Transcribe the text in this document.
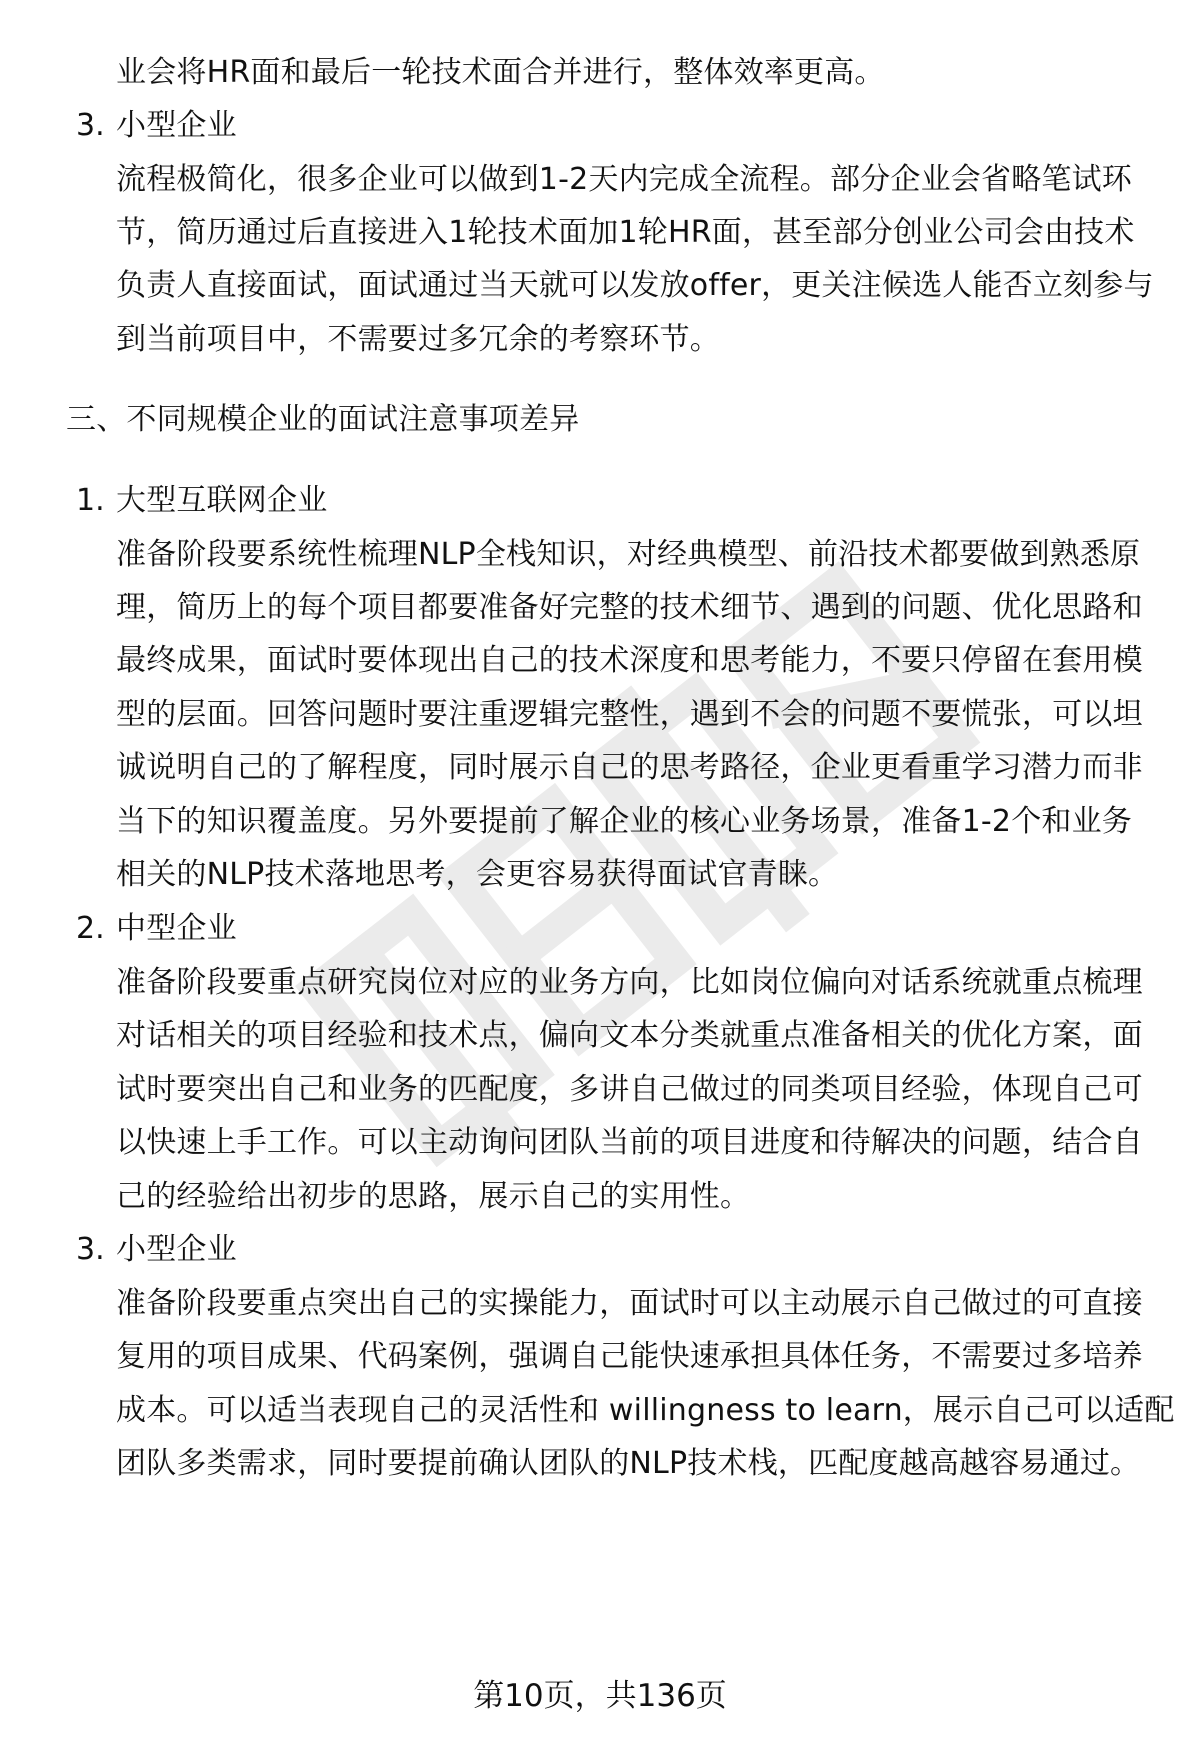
业会将HR面和最后一轮技术面合并进行，整体效率更高。
3. 小型企业
流程极简化，很多企业可以做到1-2天内完成全流程。部分企业会省略笔试环
节，简历通过后直接进入1轮技术面加1轮HR面，甚至部分创业公司会由技术
负责人直接面试，面试通过当天就可以发放offer，更关注候选人能否立刻参与
到当前项目中，不需要过多冗余的考察环节。
三、不同规模企业的面试注意事项差异
1. 大型互联网企业
准备阶段要系统性梳理NLP全栈知识，对经典模型、前沿技术都要做到熟悉原
理，简历上的每个项目都要准备好完整的技术细节、遇到的问题、优化思路和
最终成果，面试时要体现出自己的技术深度和思考能力，不要只停留在套用模
型的层面。回答问题时要注重逻辑完整性，遇到不会的问题不要慌张，可以坦
诚说明自己的了解程度，同时展示自己的思考路径，企业更看重学习潜力而非
当下的知识覆盖度。另外要提前了解企业的核心业务场景，准备1-2个和业务
相关的NLP技术落地思考，会更容易获得面试官青睐。
2. 中型企业
准备阶段要重点研究岗位对应的业务方向，比如岗位偏向对话系统就重点梳理
对话相关的项目经验和技术点，偏向文本分类就重点准备相关的优化方案，面
试时要突出自己和业务的匹配度，多讲自己做过的同类项目经验，体现自己可
以快速上手工作。可以主动询问团队当前的项目进度和待解决的问题，结合自
己的经验给出初步的思路，展示自己的实用性。
3. 小型企业
准备阶段要重点突出自己的实操能力，面试时可以主动展示自己做过的可直接
复用的项目成果、代码案例，强调自己能快速承担具体任务，不需要过多培养
成本。可以适当表现自己的灵活性和 willingness to learn，展示自己可以适配
团队多类需求，同时要提前确认团队的NLP技术栈，匹配度越高越容易通过。
第10页，共136页
